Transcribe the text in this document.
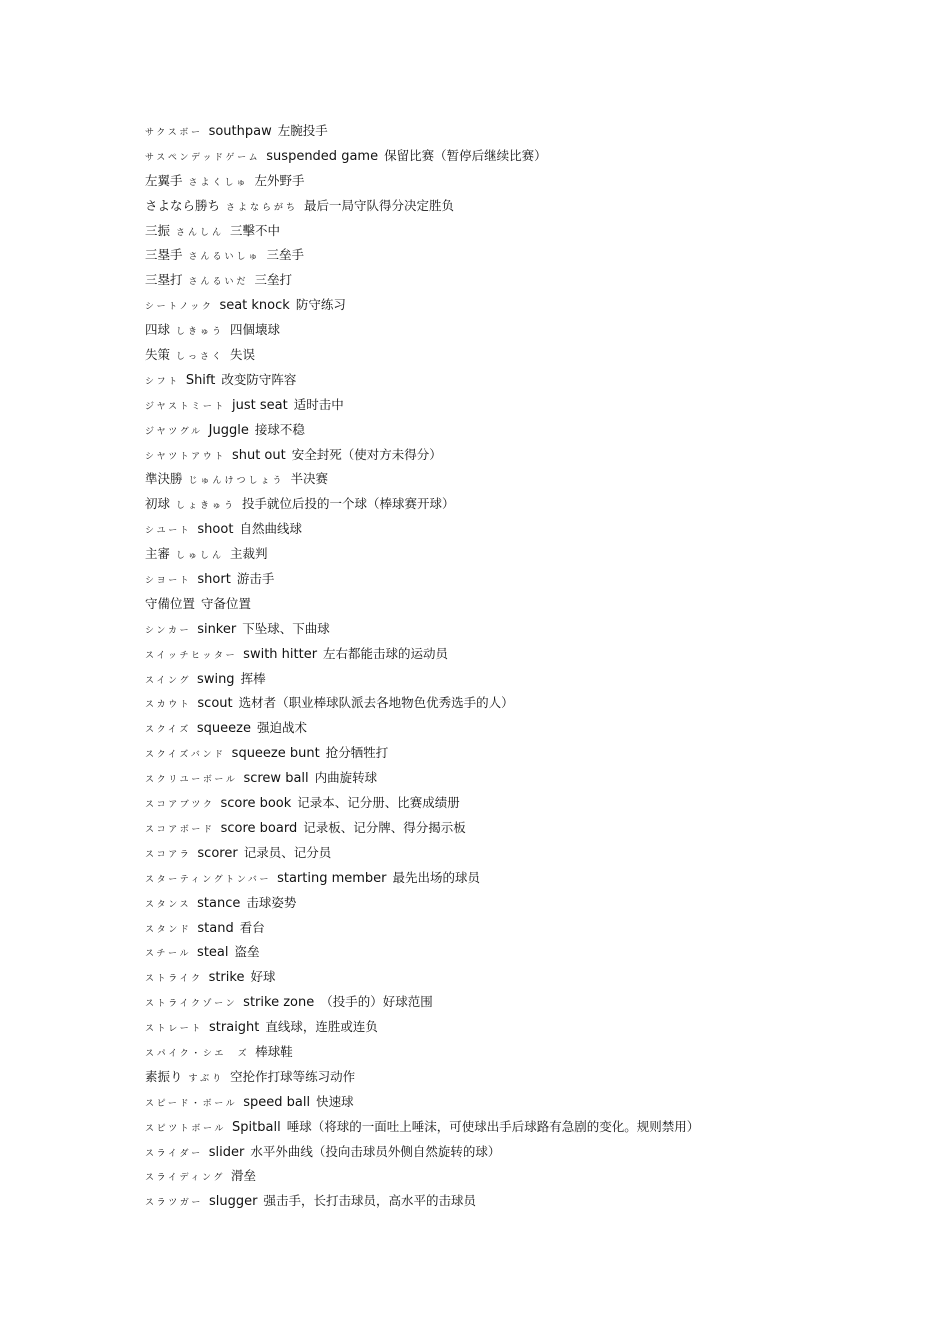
サクスボー southpaw 左腕投手
サスペンデッドゲーム suspended game 保留比赛（暂停后继续比赛）
左翼手 さよくしゅ 左外野手
さよなら勝ち さよならがち 最后一局守队得分决定胜负
三振 さんしん 三擊不中
三塁手 さんるいしゅ 三垒手
三塁打 さんるいだ 三垒打
シートノック seat knock 防守练习
四球 しきゅう 四個壊球
失策 しっさく 失误
シフト Shift 改变防守阵容
ジヤストミート just seat 适时击中
ジヤツグル Juggle 接球不稳
シヤツトアウト shut out 安全封死（使对方未得分）
準決勝 じゅんけつしょう 半决赛
初球 しょきゅう 投手就位后投的一个球（棒球赛开球）
シユート shoot 自然曲线球
主審 しゅしん 主裁判
シヨート short 游击手
守備位置 守备位置
シンカー sinker 下坠球、下曲球
スイッチヒッター swith hitter 左右都能击球的运动员
スイング swing 挥棒
スカウト scout 选材者（职业棒球队派去各地物色优秀选手的人）
スクイズ squeeze 强迫战术
スクイズバンド squeeze bunt 抢分牺牲打
スクリユーボール screw ball 内曲旋转球
スコアブツク score book 记录本、记分册、比赛成绩册
スコアボード score board 记录板、记分牌、得分揭示板
スコアラ scorer 记录员、记分员
スターティングトンバー starting member 最先出场的球员
スタンス stance 击球姿势
スタンド stand 看台
スチール steal 盗垒
ストライク strike 好球
ストライクゾーン strike zone （投手的）好球范围
ストレート straight 直线球，连胜或连负
スパイク・シエ　ズ 棒球鞋
素振り すぶり 空抡作打球等练习动作
スピード・ボール speed ball 快速球
スピツトボール Spitball 唾球（将球的一面吐上唾沫，可使球出手后球路有急剧的变化。规则禁用）
スライダー slider 水平外曲线（投向击球员外侧自然旋转的球）
スライディング 滑垒
スラツガー slugger 强击手，长打击球员，高水平的击球员
